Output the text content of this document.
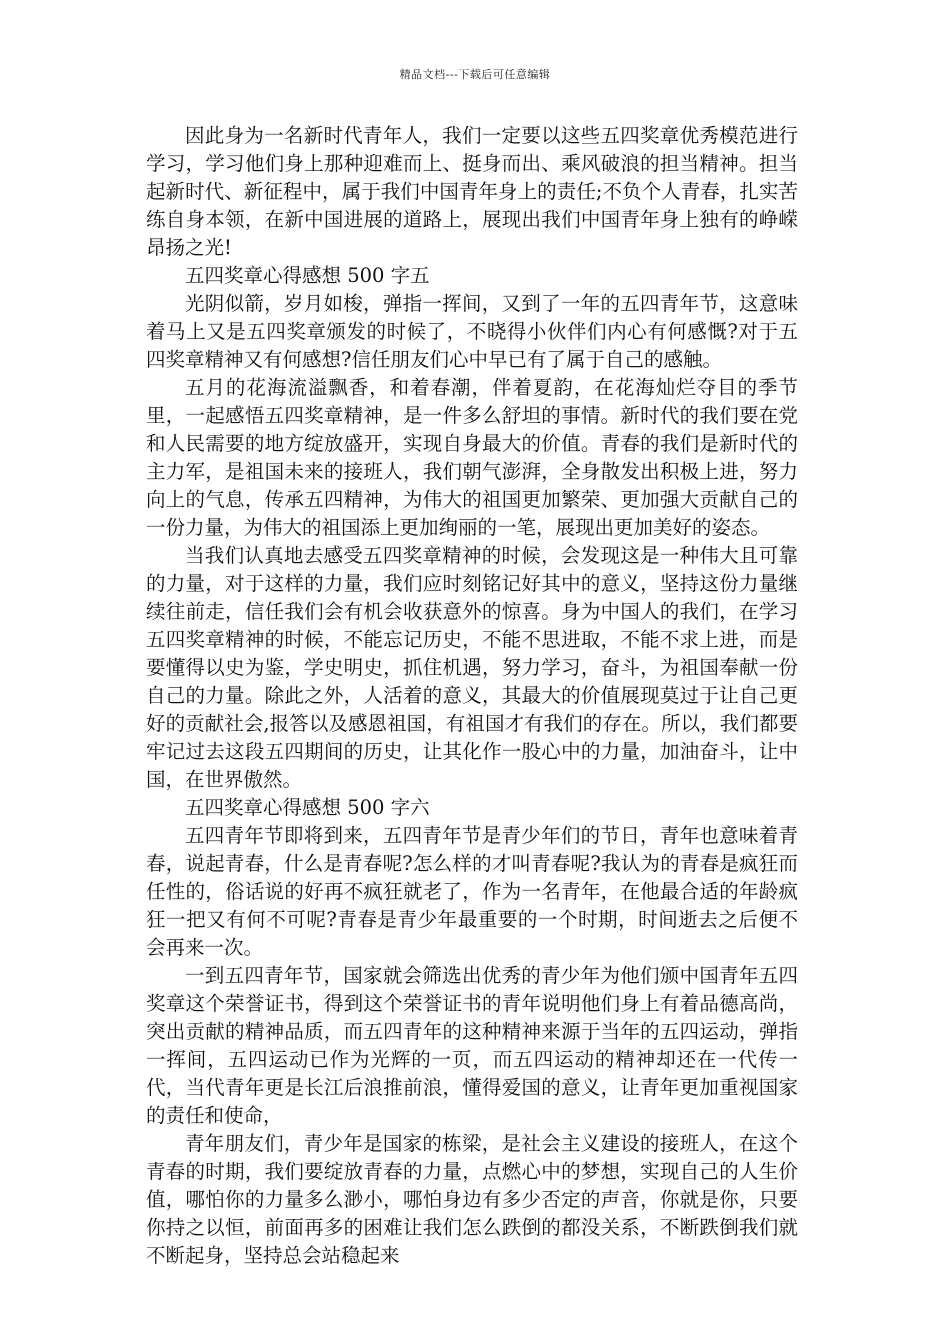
精品文档---下载后可任意编辑

因此身为一名新时代青年人，我们一定要以这些五四奖章优秀模范进行学习，学习他们身上那种迎难而上、挺身而出、乘风破浪的担当精神。担当起新时代、新征程中，属于我们中国青年身上的责任;不负个人青春，扎实苦练自身本领，在新中国进展的道路上，展现出我们中国青年身上独有的峥嵘昂扬之光!

五四奖章心得感想 500 字五

光阴似箭，岁月如梭，弹指一挥间，又到了一年的五四青年节，这意味着马上又是五四奖章颁发的时候了，不晓得小伙伴们内心有何感慨?对于五四奖章精神又有何感想?信任朋友们心中早已有了属于自己的感触。

五月的花海流溢飘香，和着春潮，伴着夏韵，在花海灿烂夺目的季节里，一起感悟五四奖章精神，是一件多么舒坦的事情。新时代的我们要在党和人民需要的地方绽放盛开，实现自身最大的价值。青春的我们是新时代的主力军，是祖国未来的接班人，我们朝气澎湃，全身散发出积极上进，努力向上的气息，传承五四精神，为伟大的祖国更加繁荣、更加强大贡献自己的一份力量，为伟大的祖国添上更加绚丽的一笔，展现出更加美好的姿态。

当我们认真地去感受五四奖章精神的时候，会发现这是一种伟大且可靠的力量，对于这样的力量，我们应时刻铭记好其中的意义，坚持这份力量继续往前走，信任我们会有机会收获意外的惊喜。身为中国人的我们，在学习五四奖章精神的时候，不能忘记历史，不能不思进取，不能不求上进，而是要懂得以史为鉴，学史明史，抓住机遇，努力学习，奋斗，为祖国奉献一份自己的力量。除此之外，人活着的意义，其最大的价值展现莫过于让自己更好的贡献社会,报答以及感恩祖国，有祖国才有我们的存在。所以，我们都要牢记过去这段五四期间的历史，让其化作一股心中的力量，加油奋斗，让中国，在世界傲然。

五四奖章心得感想 500 字六

五四青年节即将到来，五四青年节是青少年们的节日，青年也意味着青春，说起青春，什么是青春呢?怎么样的才叫青春呢?我认为的青春是疯狂而任性的，俗话说的好再不疯狂就老了，作为一名青年，在他最合适的年龄疯狂一把又有何不可呢?青春是青少年最重要的一个时期，时间逝去之后便不会再来一次。

一到五四青年节，国家就会筛选出优秀的青少年为他们颁中国青年五四奖章这个荣誉证书，得到这个荣誉证书的青年说明他们身上有着品德高尚，突出贡献的精神品质，而五四青年的这种精神来源于当年的五四运动，弹指一挥间，五四运动已作为光辉的一页，而五四运动的精神却还在一代传一代，当代青年更是长江后浪推前浪，懂得爱国的意义，让青年更加重视国家的责任和使命，

青年朋友们，青少年是国家的栋梁，是社会主义建设的接班人，在这个青春的时期，我们要绽放青春的力量，点燃心中的梦想，实现自己的人生价值，哪怕你的力量多么渺小，哪怕身边有多少否定的声音，你就是你，只要你持之以恒，前面再多的困难让我们怎么跌倒的都没关系，不断跌倒我们就不断起身，坚持总会站稳起来
